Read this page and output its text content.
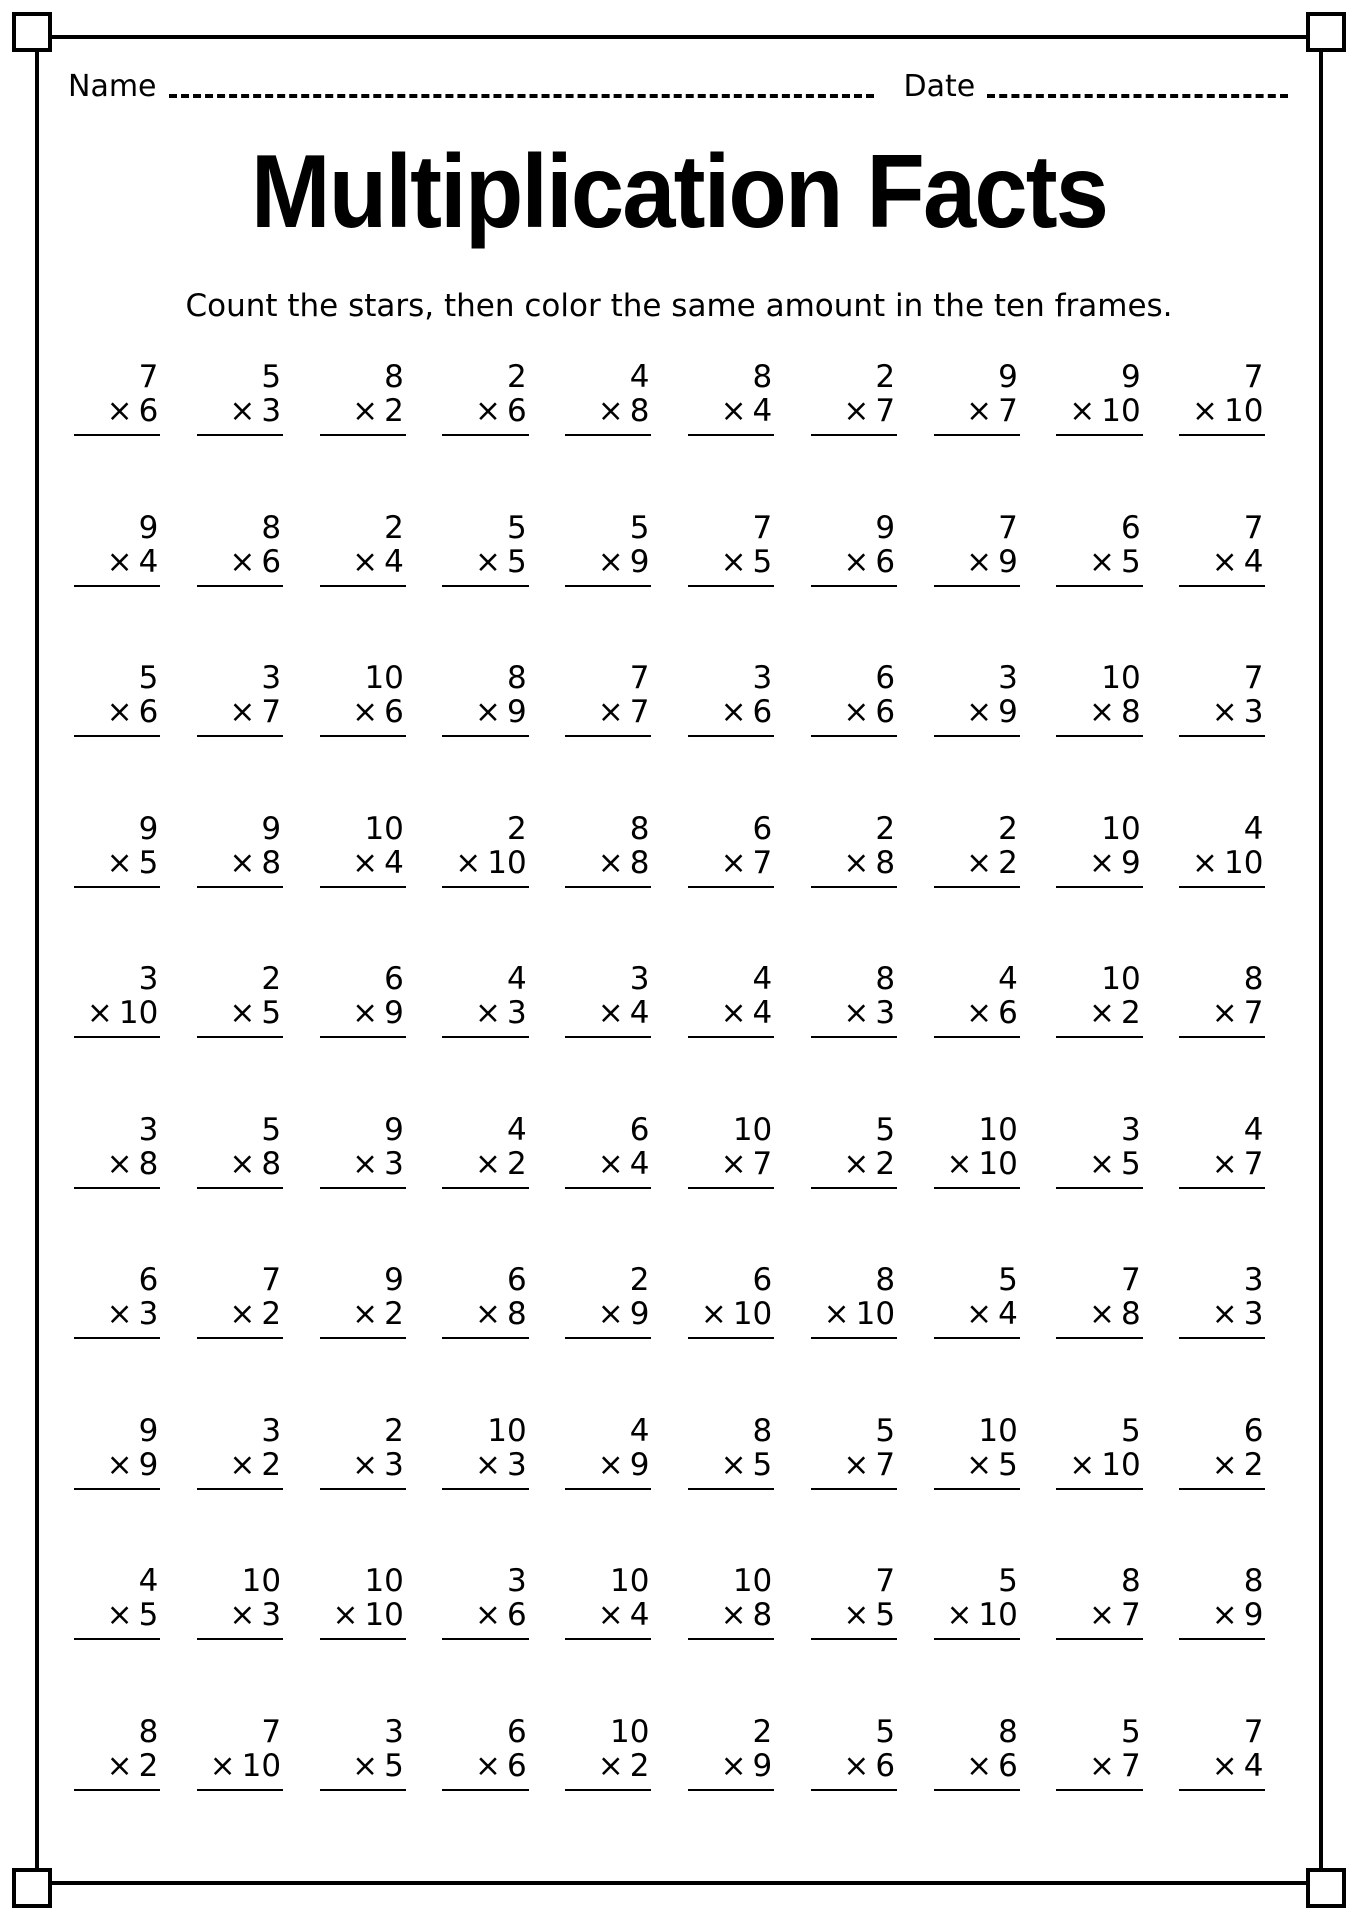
Name	Date
Multiplication Facts
Count the stars, then color the same amount in the ten frames.
7
× 6
5
× 3
8
× 2
2
× 6
4
× 8
8
× 4
2
× 7
9
× 7
9
× 10
7
× 10
9
× 4
8
× 6
2
× 4
5
× 5
5
× 9
7
× 5
9
× 6
7
× 9
6
× 5
7
× 4
5
× 6
3
× 7
10
× 6
8
× 9
7
× 7
3
× 6
6
× 6
3
× 9
10
× 8
7
× 3
9
× 5
9
× 8
10
× 4
2
× 10
8
× 8
6
× 7
2
× 8
2
× 2
10
× 9
4
× 10
3
× 10
2
× 5
6
× 9
4
× 3
3
× 4
4
× 4
8
× 3
4
× 6
10
× 2
8
× 7
3
× 8
5
× 8
9
× 3
4
× 2
6
× 4
10
× 7
5
× 2
10
× 10
3
× 5
4
× 7
6
× 3
7
× 2
9
× 2
6
× 8
2
× 9
6
× 10
8
× 10
5
× 4
7
× 8
3
× 3
9
× 9
3
× 2
2
× 3
10
× 3
4
× 9
8
× 5
5
× 7
10
× 5
5
× 10
6
× 2
4
× 5
10
× 3
10
× 10
3
× 6
10
× 4
10
× 8
7
× 5
5
× 10
8
× 7
8
× 9
8
× 2
7
× 10
3
× 5
6
× 6
10
× 2
2
× 9
5
× 6
8
× 6
5
× 7
7
× 4
